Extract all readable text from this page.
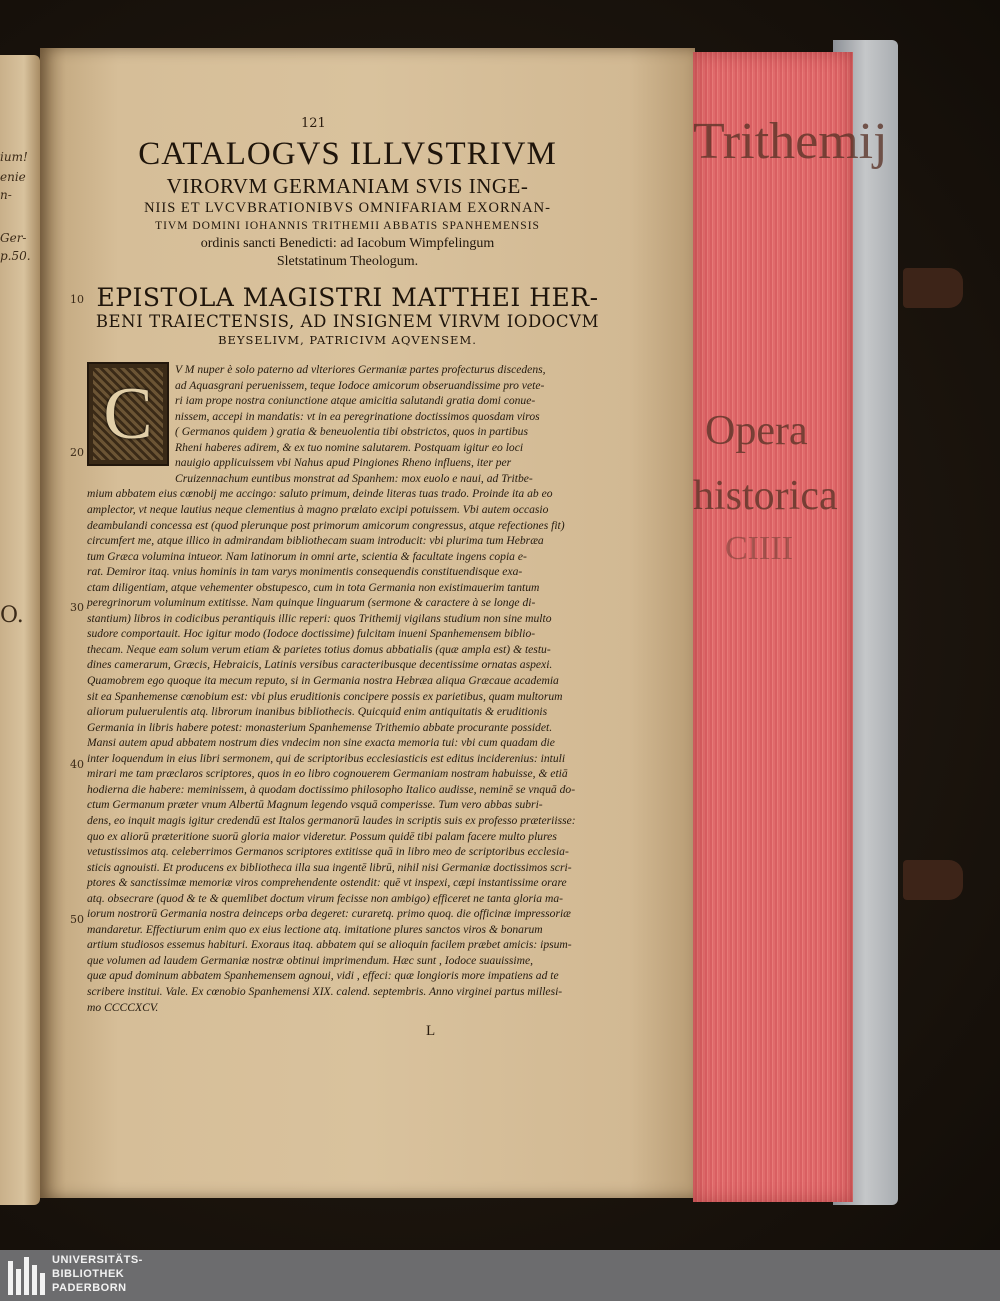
ium!
enie
n-
Ger-
p.50.
O.
121
CATALOGVS ILLVSTRIVM
VIRORVM GERMANIAM SVIS INGE-
NIIS ET LVCVBRATIONIBVS OMNIFARIAM EXORNAN-
TIVM DOMINI IOHANNIS TRITHEMII ABBATIS SPANHEMENSIS
ordinis sancti Benedicti: ad Iacobum Wimpfelingum
Sletstatinum Theologum.
EPISTOLA MAGISTRI MATTHEI HER-
BENI TRAIECTENSIS, AD INSIGNEM VIRVM IODOCVM
BEYSELIVM, PATRICIVM AQVENSEM.
10
20
30
40
50
C
V M nuper è solo paterno ad vlteriores Germaniæ partes profecturus discedens,
ad Aquasgrani peruenissem, teque Iodoce amicorum obseruandissime pro vete-
ri iam prope nostra coniunctione atque amicitia salutandi gratia domi conue-
nissem, accepi in mandatis: vt in ea peregrinatione doctissimos quosdam viros
( Germanos quidem ) gratia & beneuolentia tibi obstrictos, quos in partibus
Rheni haberes adirem, & ex tuo nomine salutarem. Postquam igitur eo loci
nauigio applicuissem vbi Nahus apud Pingiones Rheno influens, iter per
Cruizennachum euntibus monstrat ad Spanhem: mox euolo e naui, ad Tritbe-
mium abbatem eius cœnobij me accingo: saluto primum, deinde literas tuas trado. Proinde ita ab eo
amplector, vt neque lautius neque clementius à magno prælato excipi potuissem. Vbi autem occasio
deambulandi concessa est (quod plerunque post primorum amicorum congressus, atque refectiones fit)
circumfert me, atque illico in admirandam bibliothecam suam introducit: vbi plurima tum Hebræa
tum Græca volumina intueor. Nam latinorum in omni arte, scientia & facultate ingens copia e-
rat. Demiror itaq. vnius hominis in tam varys monimentis consequendis constituendisque exa-
ctam diligentiam, atque vehementer obstupesco, cum in tota Germania non existimauerim tantum
peregrinorum voluminum extitisse. Nam quinque linguarum (sermone & caractere à se longe di-
stantium) libros in codicibus perantiquis illic reperi: quos Trithemij vigilans studium non sine multo
sudore comportauit. Hoc igitur modo (Iodoce doctissime) fulcitam inueni Spanhemensem biblio-
thecam. Neque eam solum verum etiam & parietes totius domus abbatialis (quæ ampla est) & testu-
dines camerarum, Græcis, Hebraicis, Latinis versibus caracteribusque decentissime ornatas aspexi.
Quamobrem ego quoque ita mecum reputo, si in Germania nostra Hebræa aliqua Græcaue academia
sit ea Spanhemense cœnobium est: vbi plus eruditionis concipere possis ex parietibus, quam multorum
aliorum puluerulentis atq. librorum inanibus bibliothecis. Quicquid enim antiquitatis & eruditionis
Germania in libris habere potest: monasterium Spanhemense Trithemio abbate procurante possidet.
Mansi autem apud abbatem nostrum dies vndecim non sine exacta memoria tui: vbi cum quadam die
inter loquendum in eius libri sermonem, qui de scriptoribus ecclesiasticis est editus inciderenius: intuli
mirari me tam præclaros scriptores, quos in eo libro cognouerem Germaniam nostram habuisse, & etiā
hodierna die habere: meminissem, à quodam doctissimo philosopho Italico audisse, neminē se vnquā do-
ctum Germanum præter vnum Albertū Magnum legendo vsquā comperisse. Tum vero abbas subri-
dens, eo inquit magis igitur credendū est Italos germanorū laudes in scriptis suis ex professo præteriisse:
quo ex aliorū præteritione suorū gloria maior videretur. Possum quidē tibi palam facere multo plures
vetustissimos atq. celeberrimos Germanos scriptores extitisse quā in libro meo de scriptoribus ecclesia-
sticis agnouisti. Et producens ex bibliotheca illa sua ingentē librū, nihil nisi Germaniæ doctissimos scri-
ptores & sanctissimæ memoriæ viros comprehendente ostendit: quē vt inspexi, cæpi instantissime orare
atq. obsecrare (quod & te & quemlibet doctum virum fecisse non ambigo) efficeret ne tanta gloria ma-
iorum nostrorū Germania nostra deinceps orba degeret: curaretq. primo quoq. die officinæ impressoriæ
mandaretur. Effectiurum enim quo ex eius lectione atq. imitatione plures sanctos viros & bonarum
artium studiosos essemus habituri. Exoraus itaq. abbatem qui se alioquin facilem præbet amicis: ipsum-
que volumen ad laudem Germaniæ nostræ obtinui imprimendum. Hæc sunt , Iodoce suauissime,
quæ apud dominum abbatem Spanhemensem agnoui, vidi , effeci: quæ longioris more impatiens ad te
scribere institui. Vale. Ex cœnobio Spanhemensi XIX. calend. septembris. Anno virginei partus millesi-
mo CCCCXCV.
L
Trithemij
Opera
historica
CIIII
UNIVERSITÄTS-
BIBLIOTHEK
PADERBORN
